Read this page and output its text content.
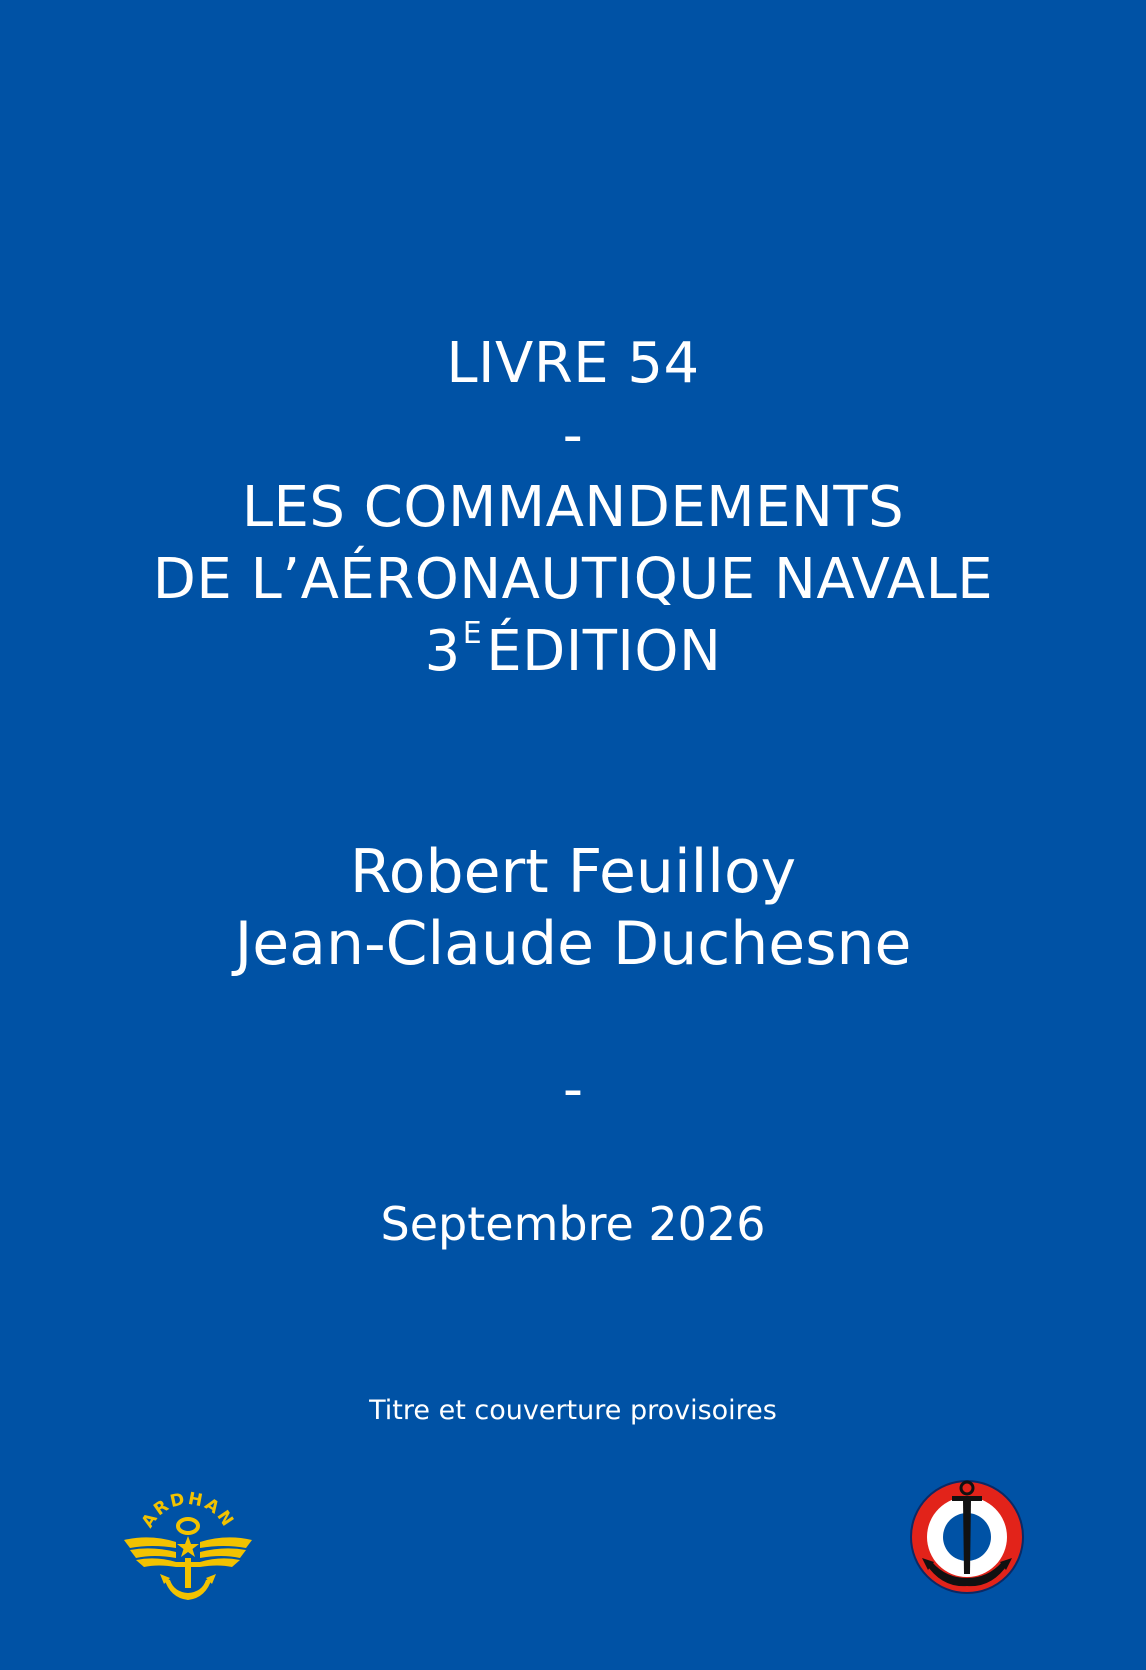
LIVRE 54
-
LES COMMANDEMENTS
DE L’AÉRONAUTIQUE NAVALE
$3^EÉDITION$
Robert Feuilloy
Jean-Claude Duchesne
-
Septembre 2026
Titre et couverture provisoires
ARDHAN
